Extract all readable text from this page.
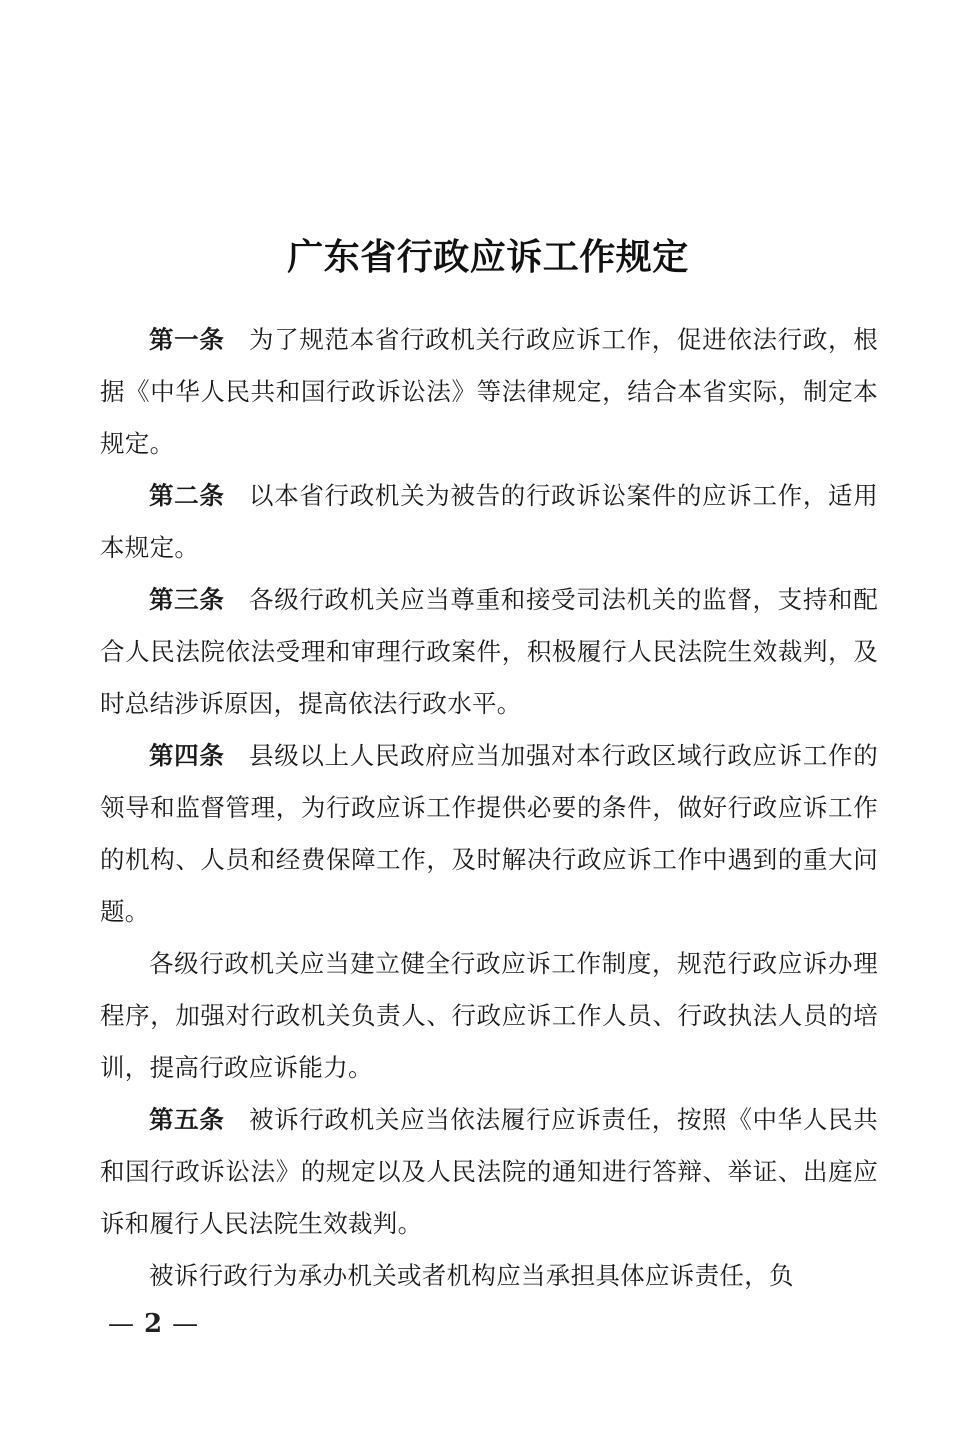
广东省行政应诉工作规定

第一条 为了规范本省行政机关行政应诉工作，促进依法行政，根据《中华人民共和国行政诉讼法》等法律规定，结合本省实际，制定本规定。

第二条 以本省行政机关为被告的行政诉讼案件的应诉工作，适用本规定。

第三条 各级行政机关应当尊重和接受司法机关的监督，支持和配合人民法院依法受理和审理行政案件，积极履行人民法院生效裁判，及时总结涉诉原因，提高依法行政水平。

第四条 县级以上人民政府应当加强对本行政区域行政应诉工作的领导和监督管理，为行政应诉工作提供必要的条件，做好行政应诉工作的机构、人员和经费保障工作，及时解决行政应诉工作中遇到的重大问题。

各级行政机关应当建立健全行政应诉工作制度，规范行政应诉办理程序，加强对行政机关负责人、行政应诉工作人员、行政执法人员的培训，提高行政应诉能力。

第五条 被诉行政机关应当依法履行应诉责任，按照《中华人民共和国行政诉讼法》的规定以及人民法院的通知进行答辩、举证、出庭应诉和履行人民法院生效裁判。

被诉行政行为承办机关或者机构应当承担具体应诉责任，负

— 2 —
